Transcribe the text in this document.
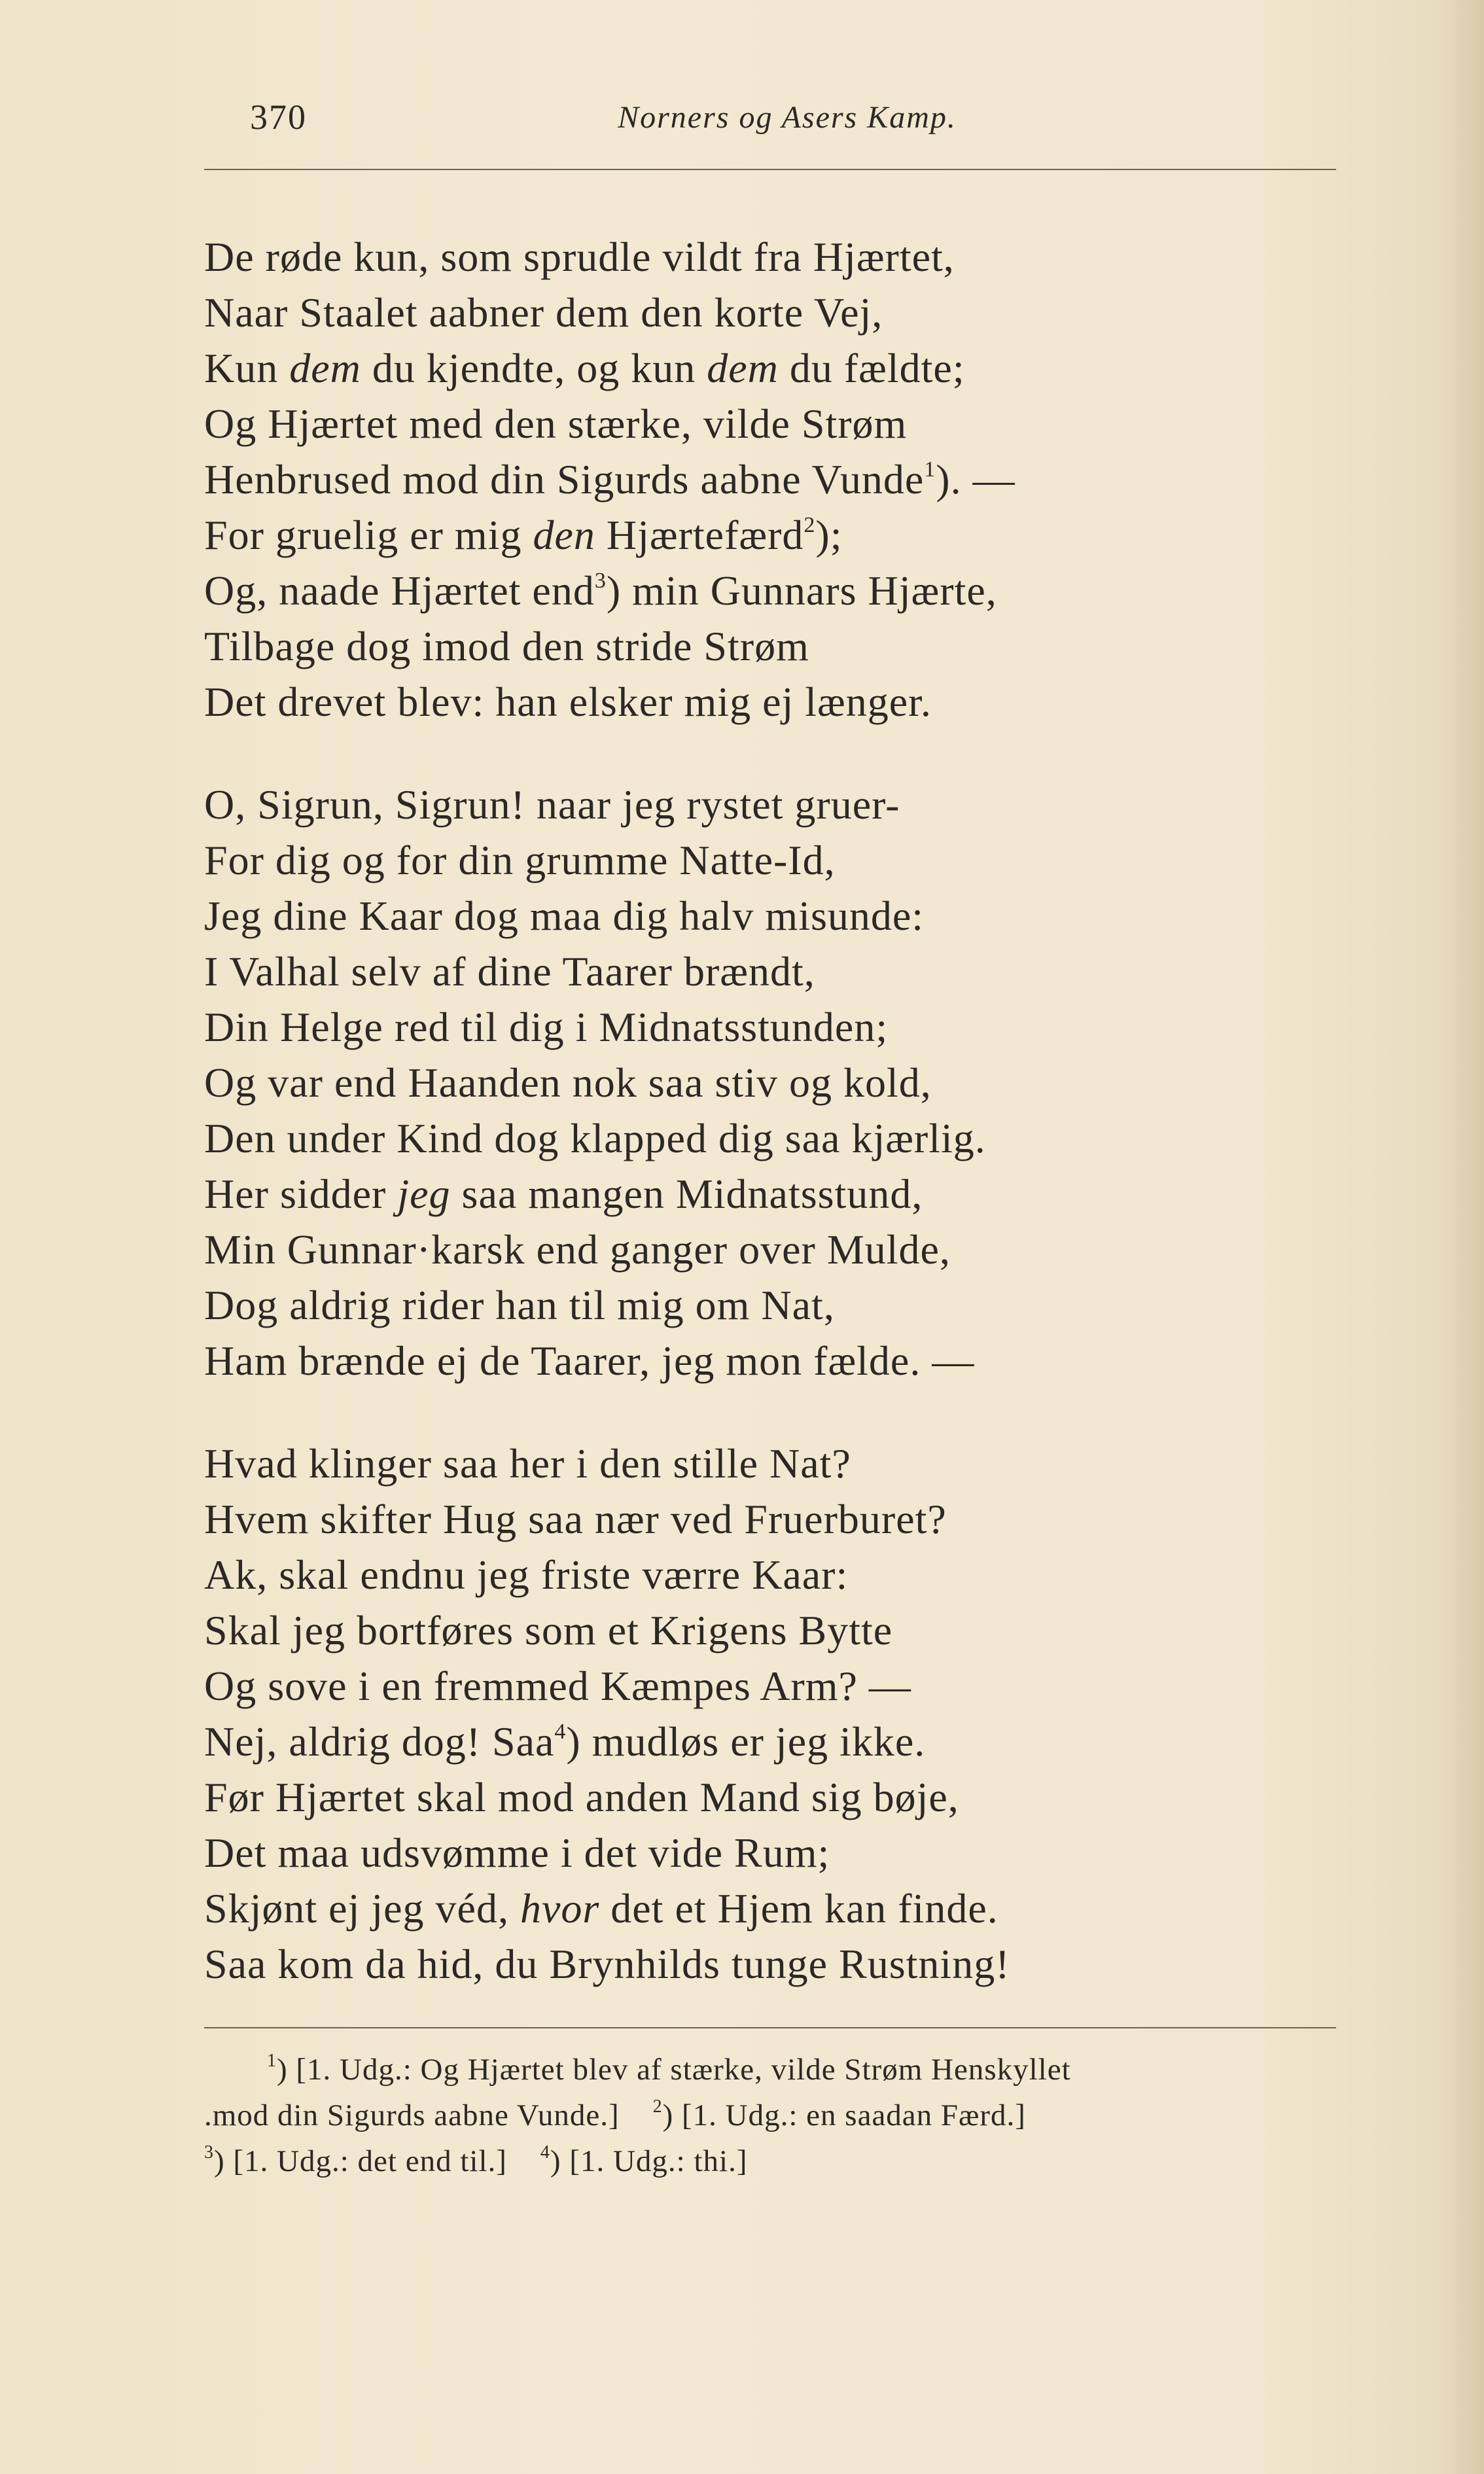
370	Norners og Asers Kamp.
De røde kun, som sprudle vildt fra Hjærtet,
Naar Staalet aabner dem den korte Vej,
Kun dem du kjendte, og kun dem du fældte;
Og Hjærtet med den stærke, vilde Strøm
Henbrused mod din Sigurds aabne Vunde$^1$). —
For gruelig er mig den Hjærtefærd$^2$);
Og, naade Hjærtet end$^3$) min Gunnars Hjærte,
Tilbage dog imod den stride Strøm
Det drevet blev: han elsker mig ej længer.
O, Sigrun, Sigrun! naar jeg rystet gruer-
For dig og for din grumme Natte-Id,
Jeg dine Kaar dog maa dig halv misunde:
I Valhal selv af dine Taarer brændt,
Din Helge red til dig i Midnatsstunden;
Og var end Haanden nok saa stiv og kold,
Den under Kind dog klapped dig saa kjærlig.
Her sidder jeg saa mangen Midnatsstund,
Min Gunnar·karsk end ganger over Mulde,
Dog aldrig rider han til mig om Nat,
Ham brænde ej de Taarer, jeg mon fælde. —
Hvad klinger saa her i den stille Nat?
Hvem skifter Hug saa nær ved Fruerburet?
Ak, skal endnu jeg friste værre Kaar:
Skal jeg bortføres som et Krigens Bytte
Og sove i en fremmed Kæmpes Arm? —
Nej, aldrig dog! Saa$^4$) mudløs er jeg ikke.
Før Hjærtet skal mod anden Mand sig bøje,
Det maa udsvømme i det vide Rum;
Skjønt ej jeg véd, hvor det et Hjem kan finde.
Saa kom da hid, du Brynhilds tunge Rustning!
$^1$) [1. Udg.: Og Hjærtet blev af stærke, vilde Strøm Henskyllet
.mod din Sigurds aabne Vunde.] $^2$) [1. Udg.: en saadan Færd.]
$^3$) [1. Udg.: det end til.] $^4$) [1. Udg.: thi.]
